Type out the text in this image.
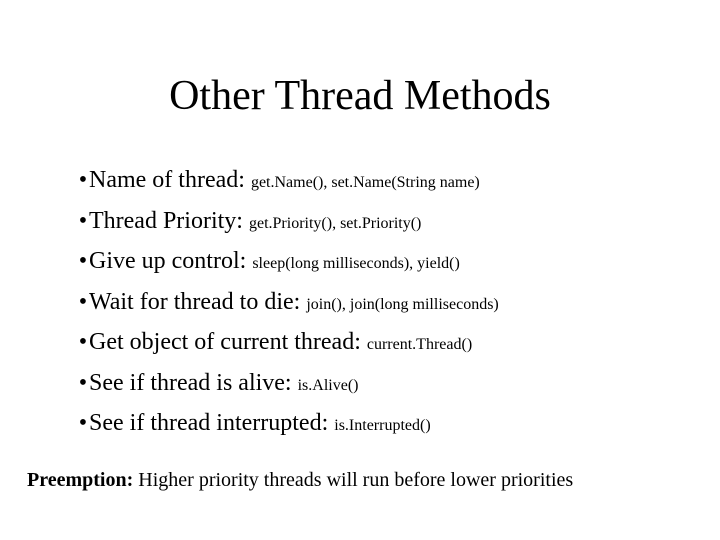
Other Thread Methods
• Name of thread: get.Name(), set.Name(String name)
• Thread Priority: get.Priority(), set.Priority()
• Give up control: sleep(long milliseconds), yield()
• Wait for thread to die: join(), join(long milliseconds)
• Get object of current thread: current.Thread()
• See if thread is alive: is.Alive()
• See if thread interrupted: is.Interrupted()
Preemption: Higher priority threads will run before lower priorities
